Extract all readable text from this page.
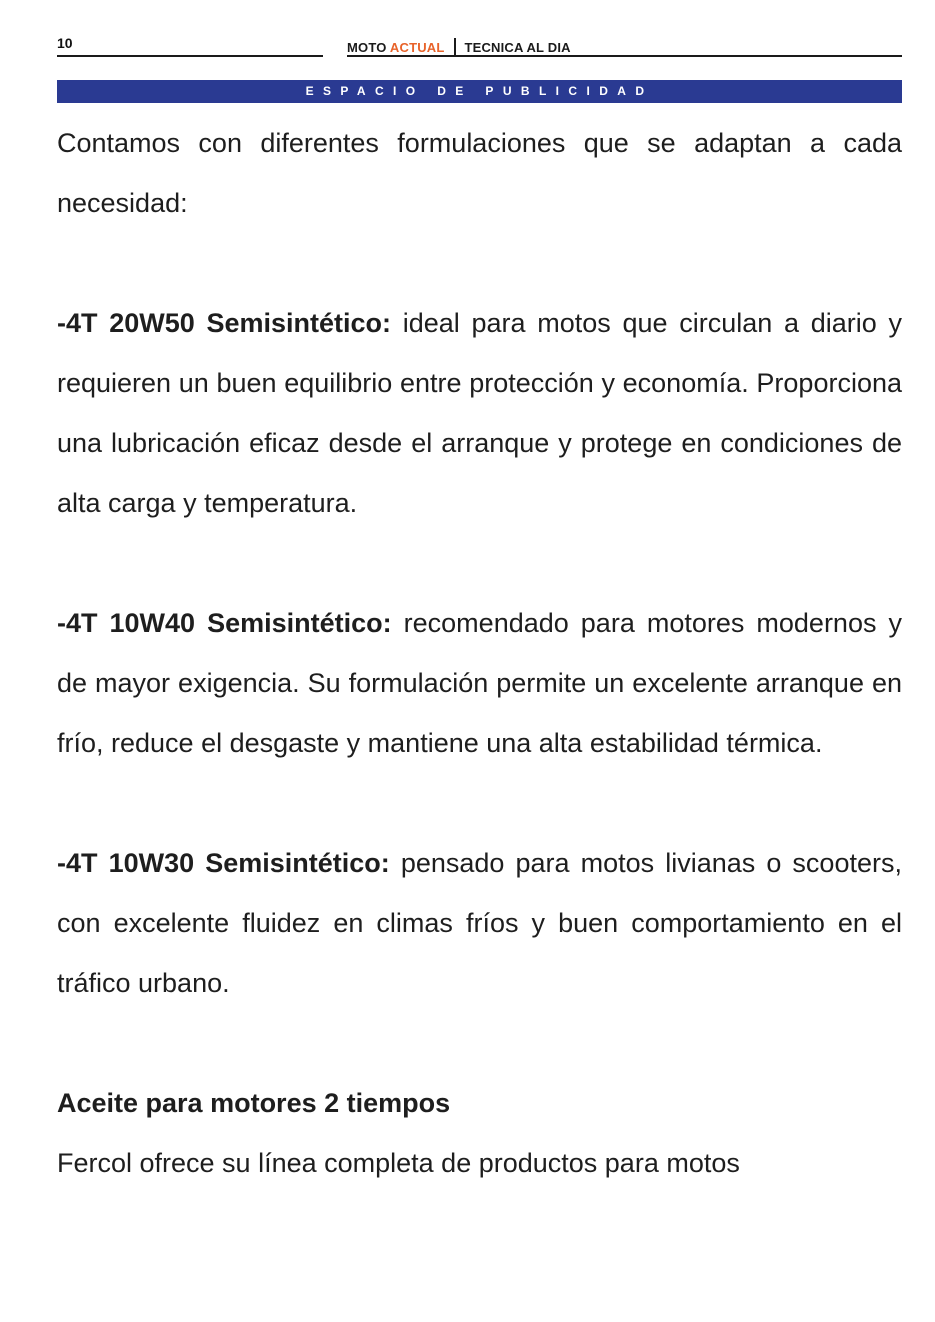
10	MOTO ACTUAL TECNICA AL DIA
ESPACIO DE PUBLICIDAD

Contamos con diferentes formulaciones que se adaptan a cada necesidad:

-4T 20W50 Semisintético: ideal para motos que circulan a diario y requieren un buen equilibrio entre protección y economía. Proporciona una lubricación eficaz desde el arranque y protege en condiciones de alta carga y temperatura.

-4T 10W40 Semisintético: recomendado para motores modernos y de mayor exigencia. Su formulación permite un excelente arranque en frío, reduce el desgaste y mantiene una alta estabilidad térmica.

-4T 10W30 Semisintético: pensado para motos livianas o scooters, con excelente fluidez en climas fríos y buen comportamiento en el tráfico urbano.

Aceite para motores 2 tiempos

Fercol ofrece su línea completa de productos para motos
